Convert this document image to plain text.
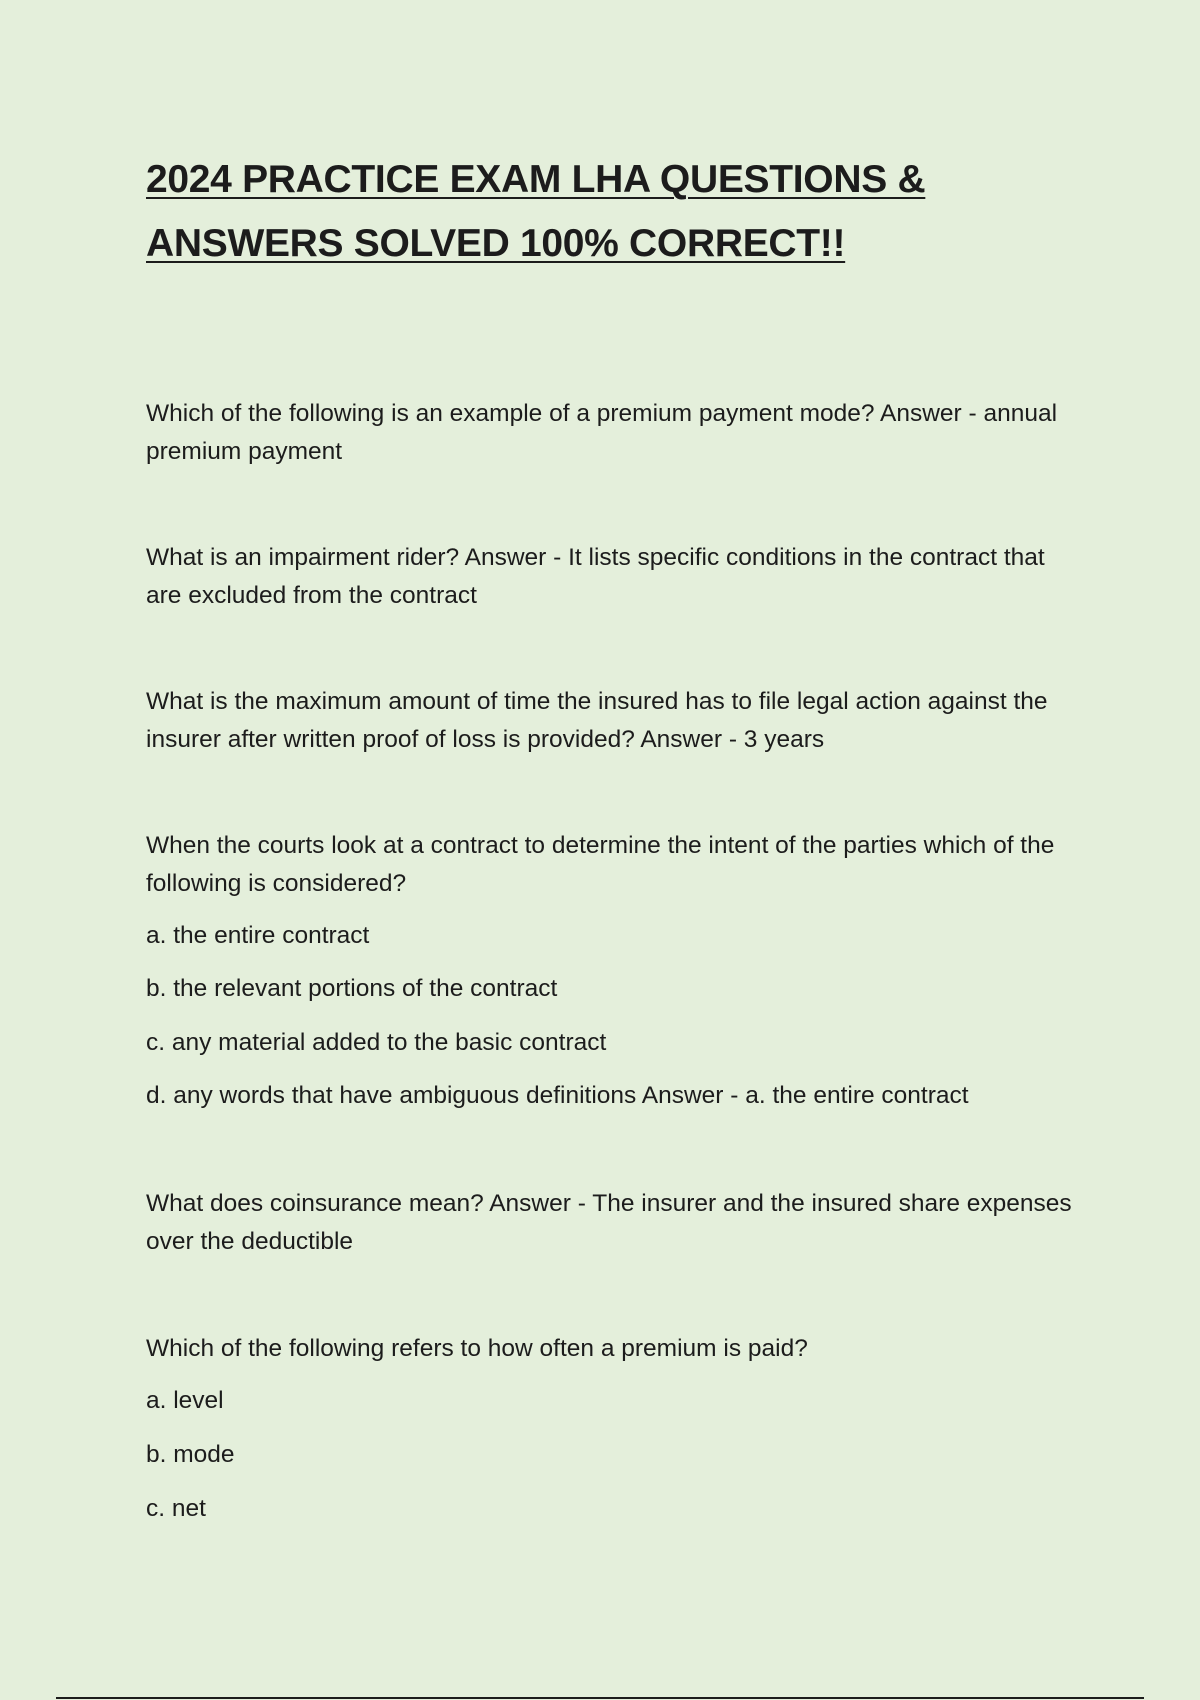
2024 PRACTICE EXAM LHA QUESTIONS &
ANSWERS SOLVED 100% CORRECT!!

Which of the following is an example of a premium payment mode? Answer - annual premium payment

What is an impairment rider? Answer - It lists specific conditions in the contract that are excluded from the contract

What is the maximum amount of time the insured has to file legal action against the insurer after written proof of loss is provided? Answer - 3 years

When the courts look at a contract to determine the intent of the parties which of the following is considered?

a. the entire contract

b. the relevant portions of the contract

c. any material added to the basic contract

d. any words that have ambiguous definitions Answer - a. the entire contract

What does coinsurance mean? Answer - The insurer and the insured share expenses over the deductible

Which of the following refers to how often a premium is paid?

a. level

b. mode

c. net
